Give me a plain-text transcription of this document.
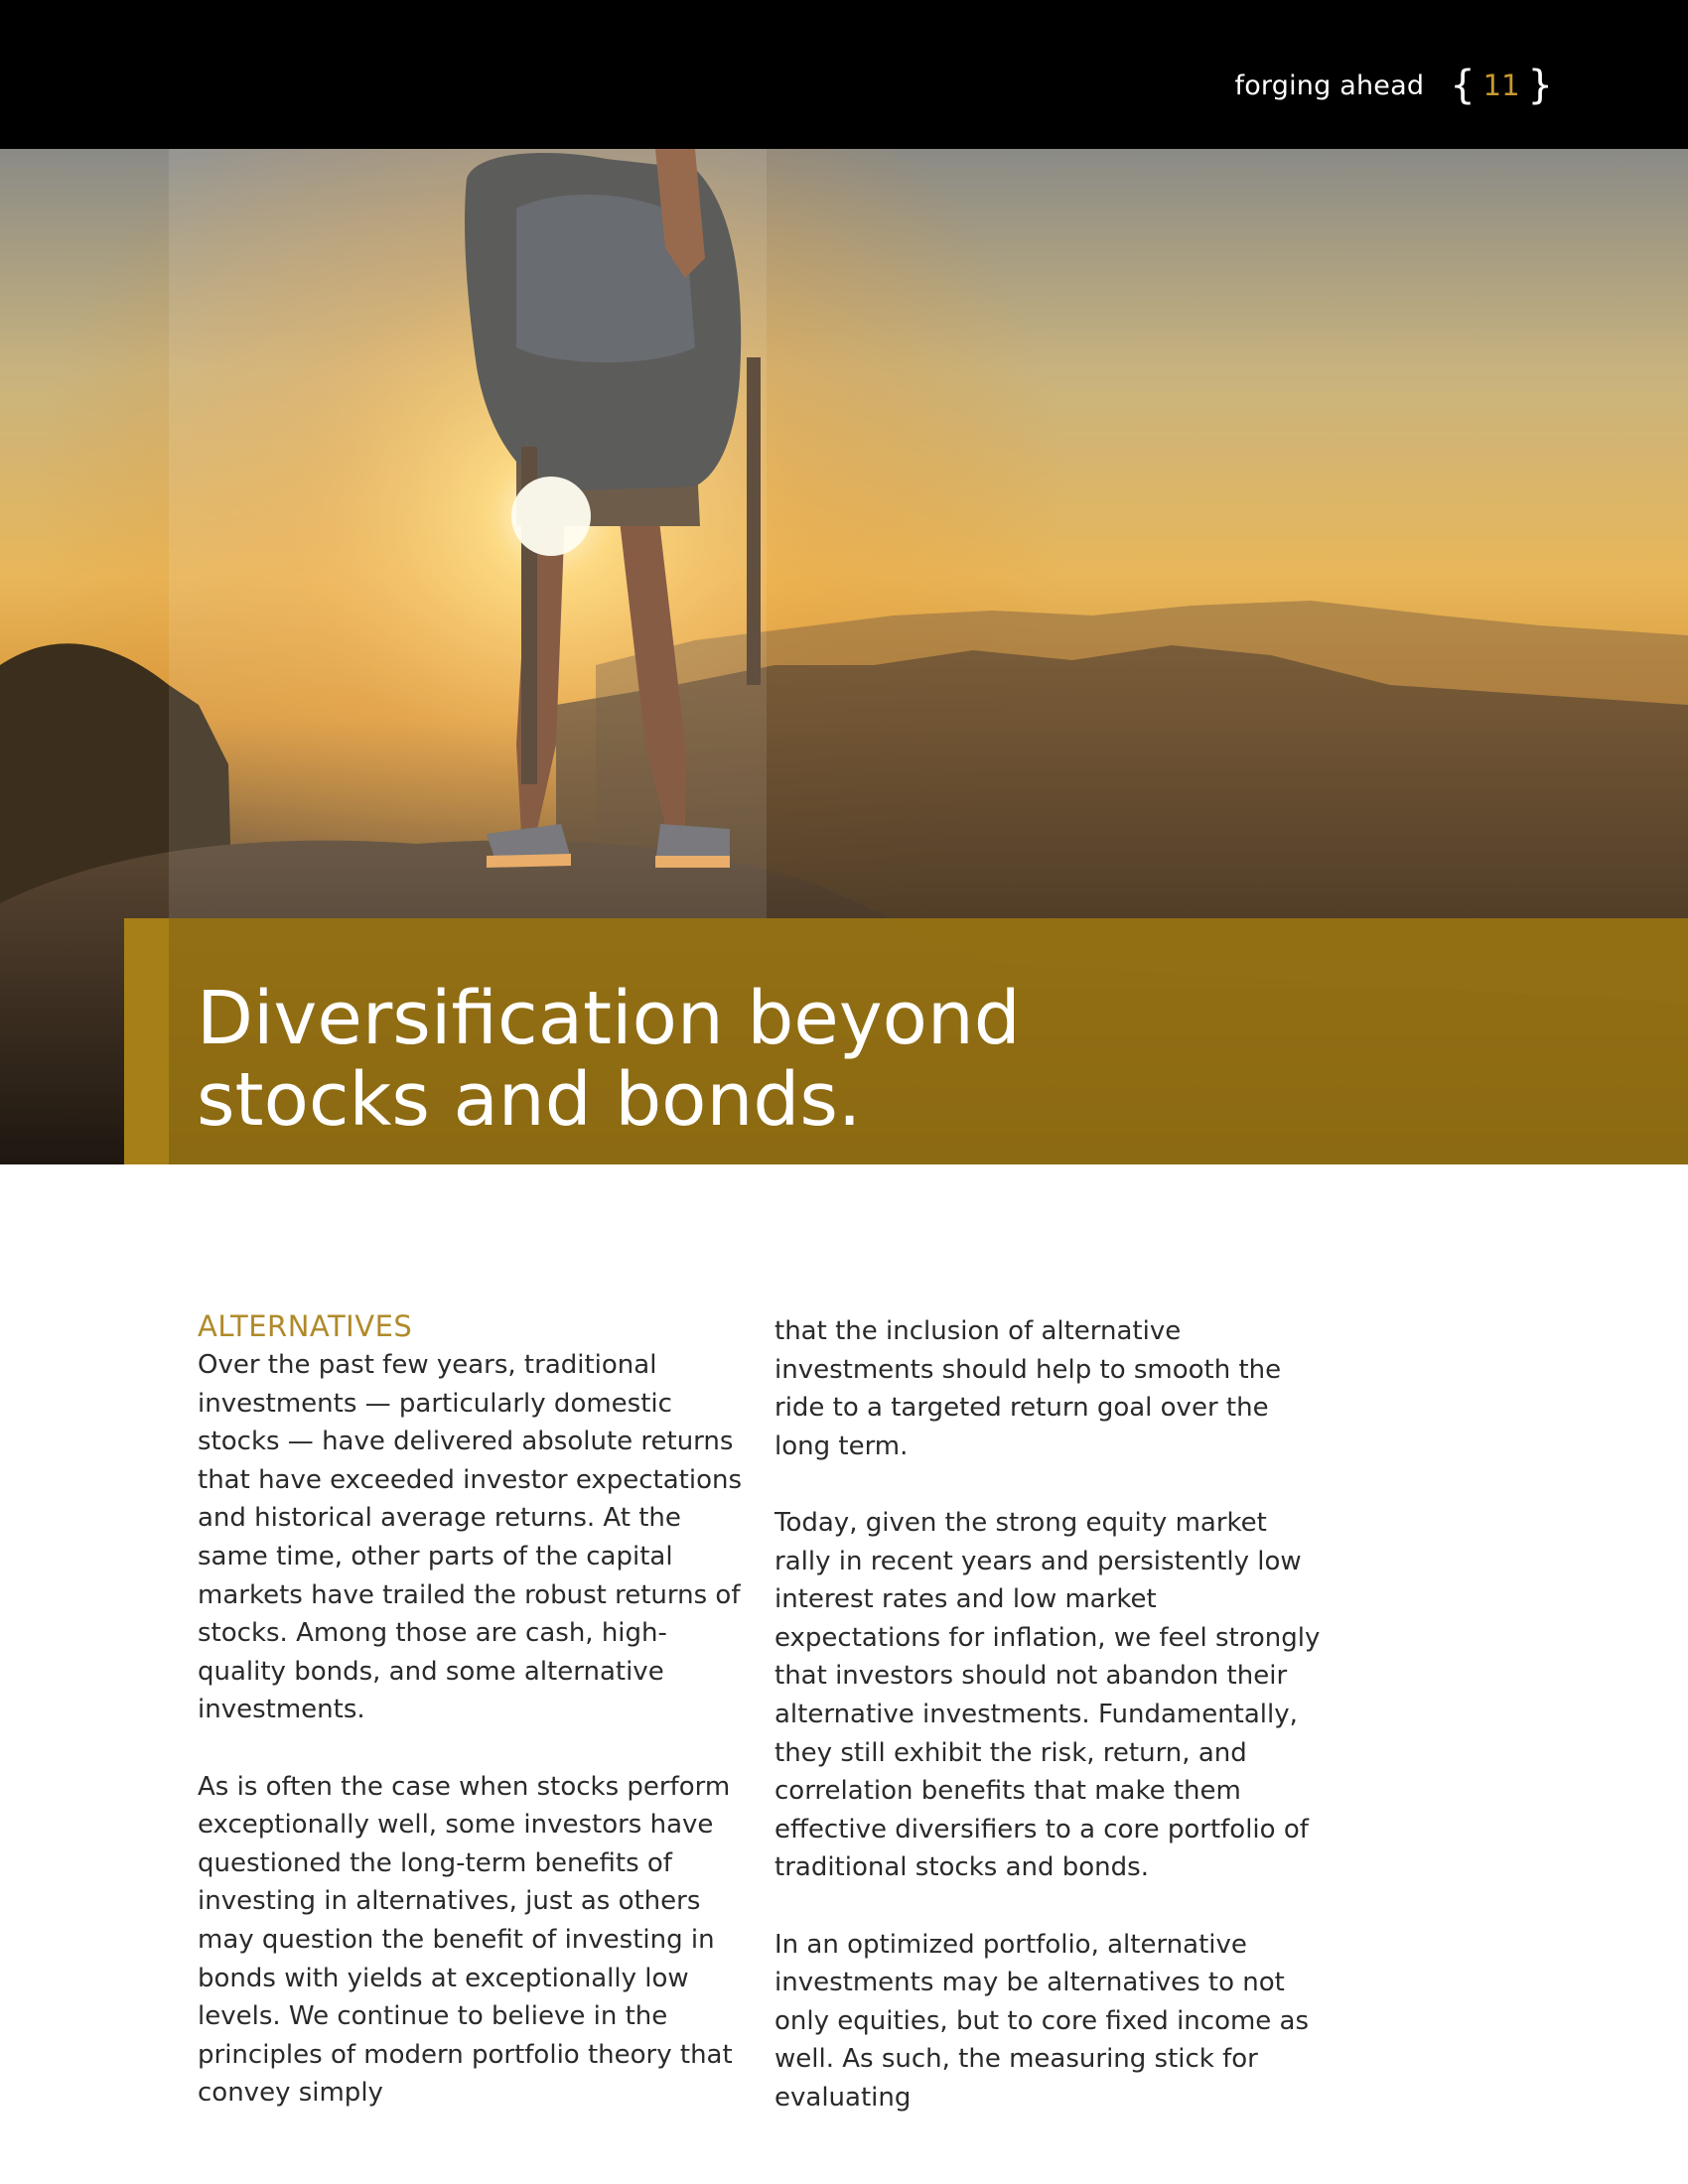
forging ahead { 11 }
Diversification beyond
stocks and bonds.
ALTERNATIVES

Over the past few years, traditional investments — particularly domestic stocks — have delivered absolute returns that have exceeded investor expectations and historical average returns. At the same time, other parts of the capital markets have trailed the robust returns of stocks. Among those are cash, high-quality bonds, and some alternative investments.

As is often the case when stocks perform exceptionally well, some investors have questioned the long-term benefits of investing in alternatives, just as others may question the benefit of investing in bonds with yields at exceptionally low levels. We continue to believe in the principles of modern portfolio theory that convey simply

that the inclusion of alternative investments should help to smooth the ride to a targeted return goal over the long term.

Today, given the strong equity market rally in recent years and persistently low interest rates and low market expectations for inflation, we feel strongly that investors should not abandon their alternative investments. Fundamentally, they still exhibit the risk, return, and correlation benefits that make them effective diversifiers to a core portfolio of traditional stocks and bonds.

In an optimized portfolio, alternative investments may be alternatives to not only equities, but to core fixed income as well. As such, the measuring stick for evaluating
